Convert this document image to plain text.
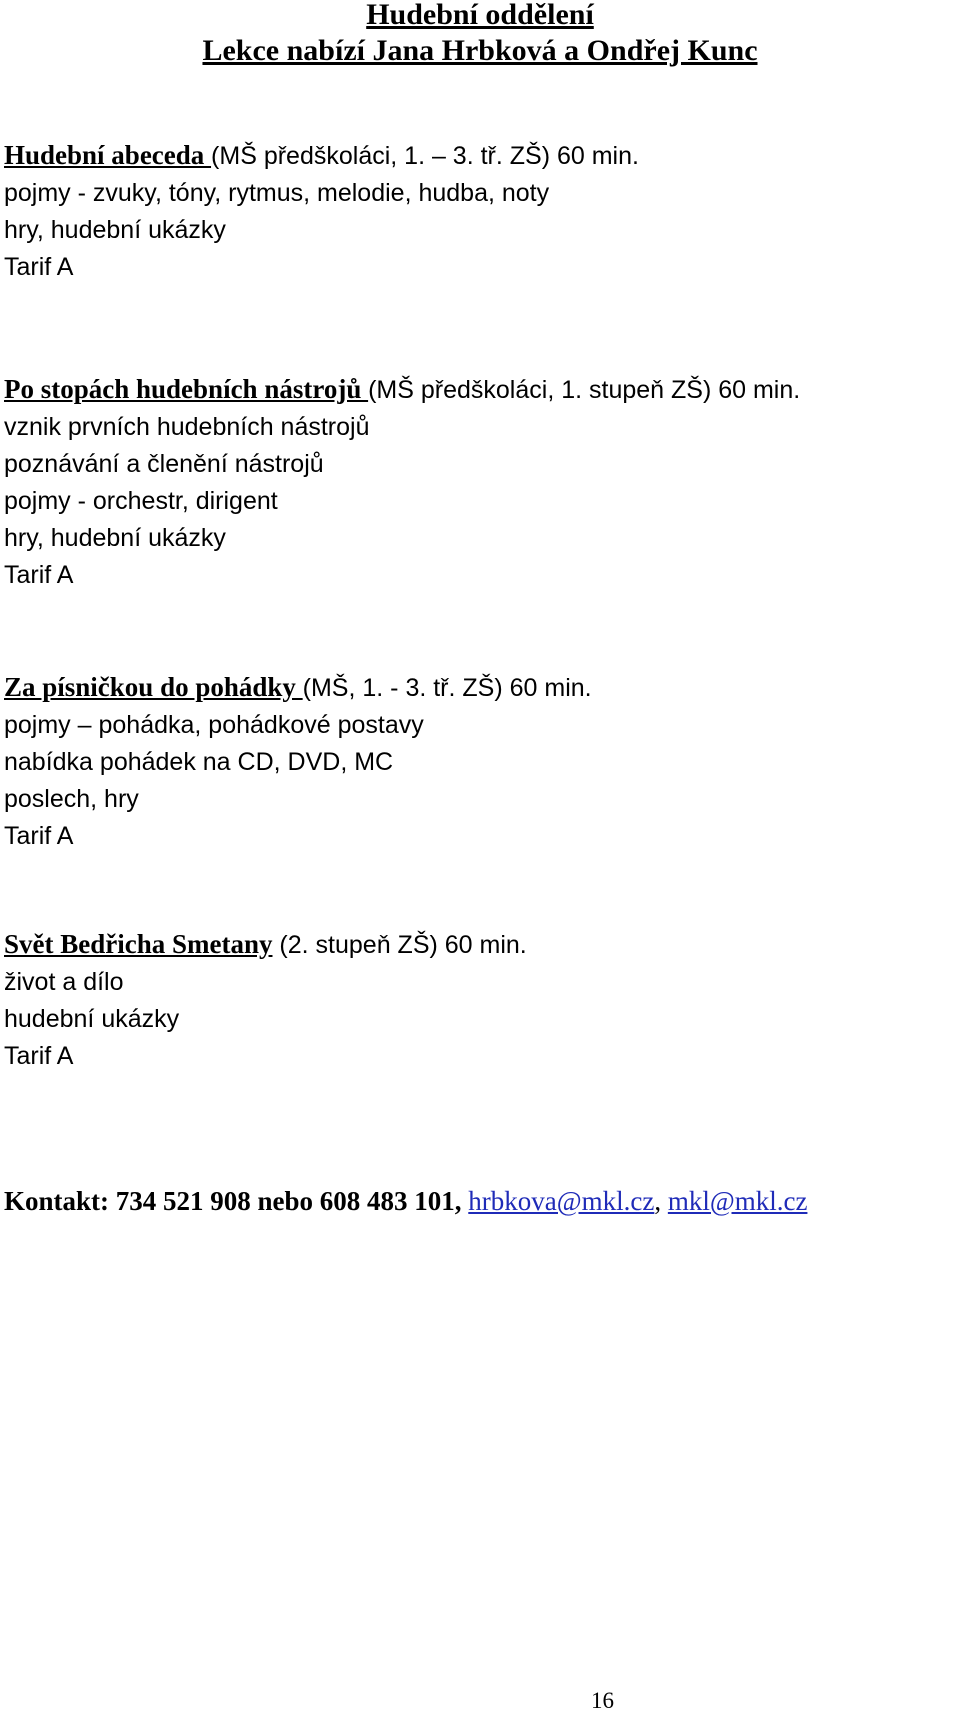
Hudební oddělení
Lekce nabízí Jana Hrbková a Ondřej Kunc
Hudební abeceda (MŠ předškoláci, 1. – 3. tř. ZŠ) 60 min.
pojmy - zvuky, tóny, rytmus, melodie, hudba, noty
hry, hudební ukázky
Tarif A
Po stopách hudebních nástrojů (MŠ předškoláci, 1. stupeň ZŠ) 60 min.
vznik prvních hudebních nástrojů
poznávání a členění nástrojů
pojmy - orchestr, dirigent
hry, hudební ukázky
Tarif A
Za písničkou do pohádky (MŠ, 1. - 3. tř. ZŠ) 60 min.
pojmy – pohádka, pohádkové postavy
nabídka pohádek na CD, DVD, MC
poslech, hry
Tarif A
Svět Bedřicha Smetany (2. stupeň ZŠ) 60 min.
život a dílo
hudební ukázky
Tarif A
Kontakt: 734 521 908 nebo 608 483 101, hrbkova@mkl.cz, mkl@mkl.cz
16
